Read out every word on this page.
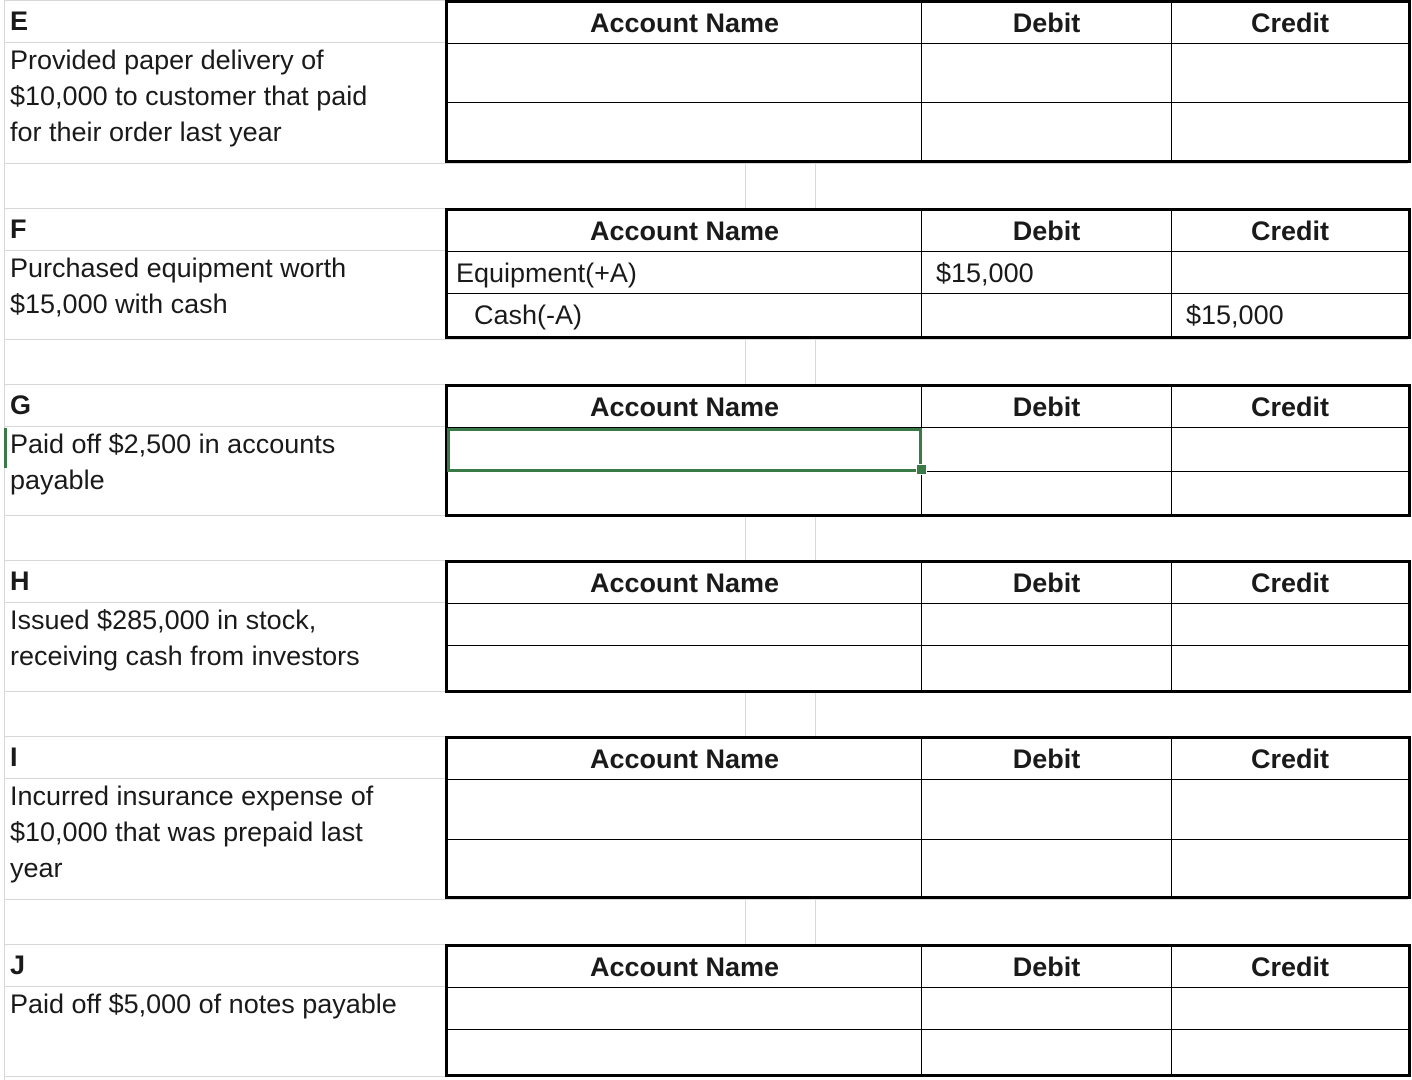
E
Provided paper delivery of
$10,000 to customer that paid
for their order last year
Account Name	Debit	Credit

F
Purchased equipment worth
$15,000 with cash
Account Name	Debit	Credit
Equipment(+A)	$15,000	
Cash(-A)		$15,000
G
Paid off $2,500 in accounts
payable
Account Name	Debit	Credit

H
Issued $285,000 in stock,
receiving cash from investors
Account Name	Debit	Credit

I
Incurred insurance expense of
$10,000 that was prepaid last
year
Account Name	Debit	Credit

J
Paid off $5,000 of notes payable
Account Name	Debit	Credit
